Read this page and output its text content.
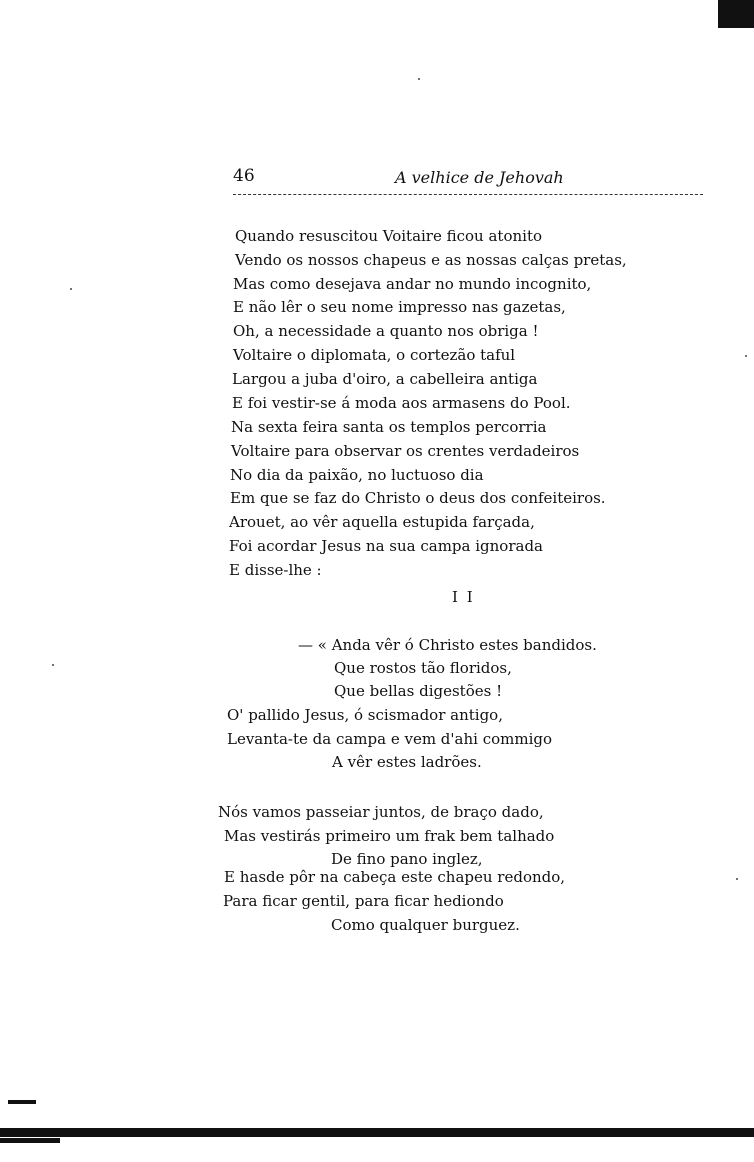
46	A velhice de Jehovah
Quando resuscitou Voitaire ficou atonito
Vendo os nossos chapeus e as nossas calças pretas,
Mas como desejava andar no mundo incognito,
E não lêr o seu nome impresso nas gazetas,
Oh, a necessidade a quanto nos obriga !
Voltaire o diplomata, o cortezão taful
Largou a juba d'oiro, a cabelleira antiga
E foi vestir-se á moda aos armasens do Pool.
Na sexta feira santa os templos percorria
Voltaire para observar os crentes verdadeiros
No dia da paixão, no luctuoso dia
Em que se faz do Christo o deus dos confeiteiros.
Arouet, ao vêr aquella estupida farçada,
Foi acordar Jesus na sua campa ignorada
E disse-lhe :
I I
— « Anda vêr ó Christo estes bandidos.
Que rostos tão floridos,
Que bellas digestões !
O' pallido Jesus, ó scismador antigo,
Levanta-te da campa e vem d'ahi commigo
A vêr estes ladrões.
Nós vamos passeiar juntos, de braço dado,
Mas vestirás primeiro um frak bem talhado
De fino pano inglez,
E hasde pôr na cabeça este chapeu redondo,
Para ficar gentil, para ficar hediondo
Como qualquer burguez.
